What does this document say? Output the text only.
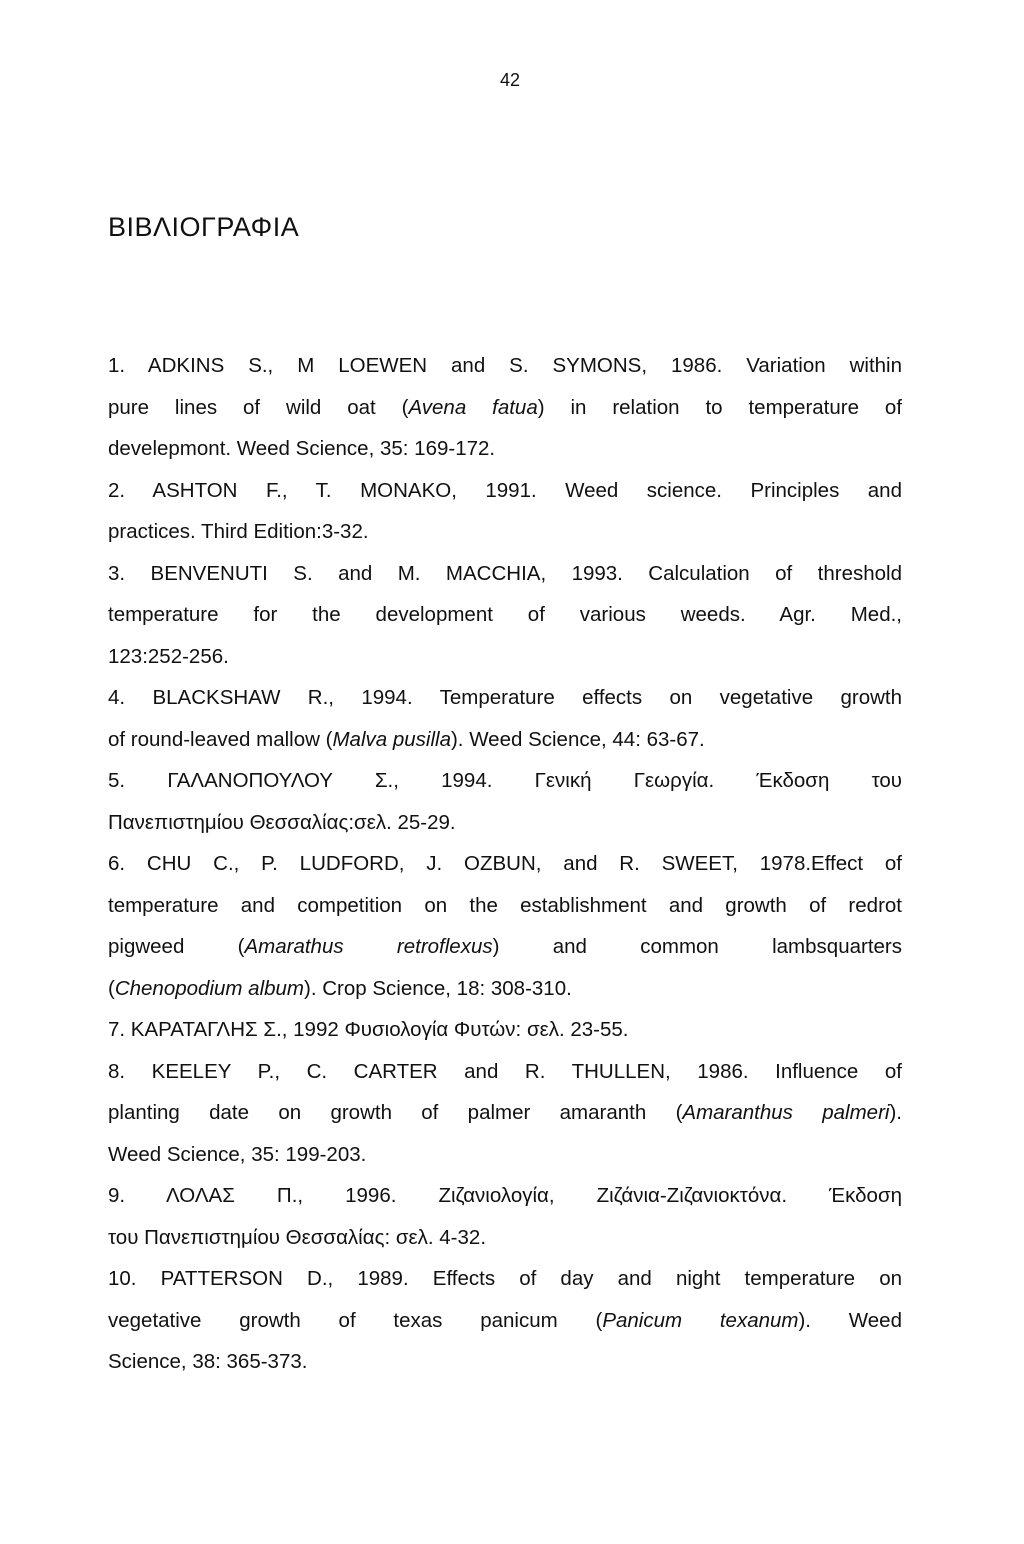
42
ΒΙΒΛΙΟΓΡΑΦΙΑ
1. ADKINS S., M LOEWEN and S. SYMONS, 1986. Variation within
pure lines of wild oat (Avena fatua) in relation to temperature of
develepmont. Weed Science, 35: 169-172.
2. ASHTON F., T. MONAKO, 1991. Weed science. Principles and
practices. Third Edition:3-32.
3. BENVENUTI S. and M. MACCHIA, 1993. Calculation of threshold
temperature for the development of various weeds. Agr. Med.,
123:252-256.
4. BLACKSHAW R., 1994. Temperature effects on vegetative growth
of round-leaved mallow (Malva pusilla). Weed Science, 44: 63-67.
5. ΓΑΛΑΝΟΠΟΥΛΟΥ Σ., 1994. Γενική Γεωργία. Έκδοση του
Πανεπιστημίου Θεσσαλίας:σελ. 25-29.
6. CHU C., P. LUDFORD, J. OZBUN, and R. SWEET, 1978.Effect of
temperature and competition on the establishment and growth of redrot
pigweed (Amarathus retroflexus) and common lambsquarters
(Chenopodium album). Crop Science, 18: 308-310.
7. ΚΑΡΑΤΑΓΛΗΣ Σ., 1992 Φυσιολογία Φυτών: σελ. 23-55.
8. KEELEY P., C. CARTER and R. THULLEN, 1986. Influence of
planting date on growth of palmer amaranth (Amaranthus palmeri).
Weed Science, 35: 199-203.
9. ΛΟΛΑΣ Π., 1996. Ζιζανιολογία, Ζιζάνια-Ζιζανιοκτόνα. Έκδοση
του Πανεπιστημίου Θεσσαλίας: σελ. 4-32.
10. PATTERSON D., 1989. Effects of day and night temperature on
vegetative growth of texas panicum (Panicum texanum). Weed
Science, 38: 365-373.
